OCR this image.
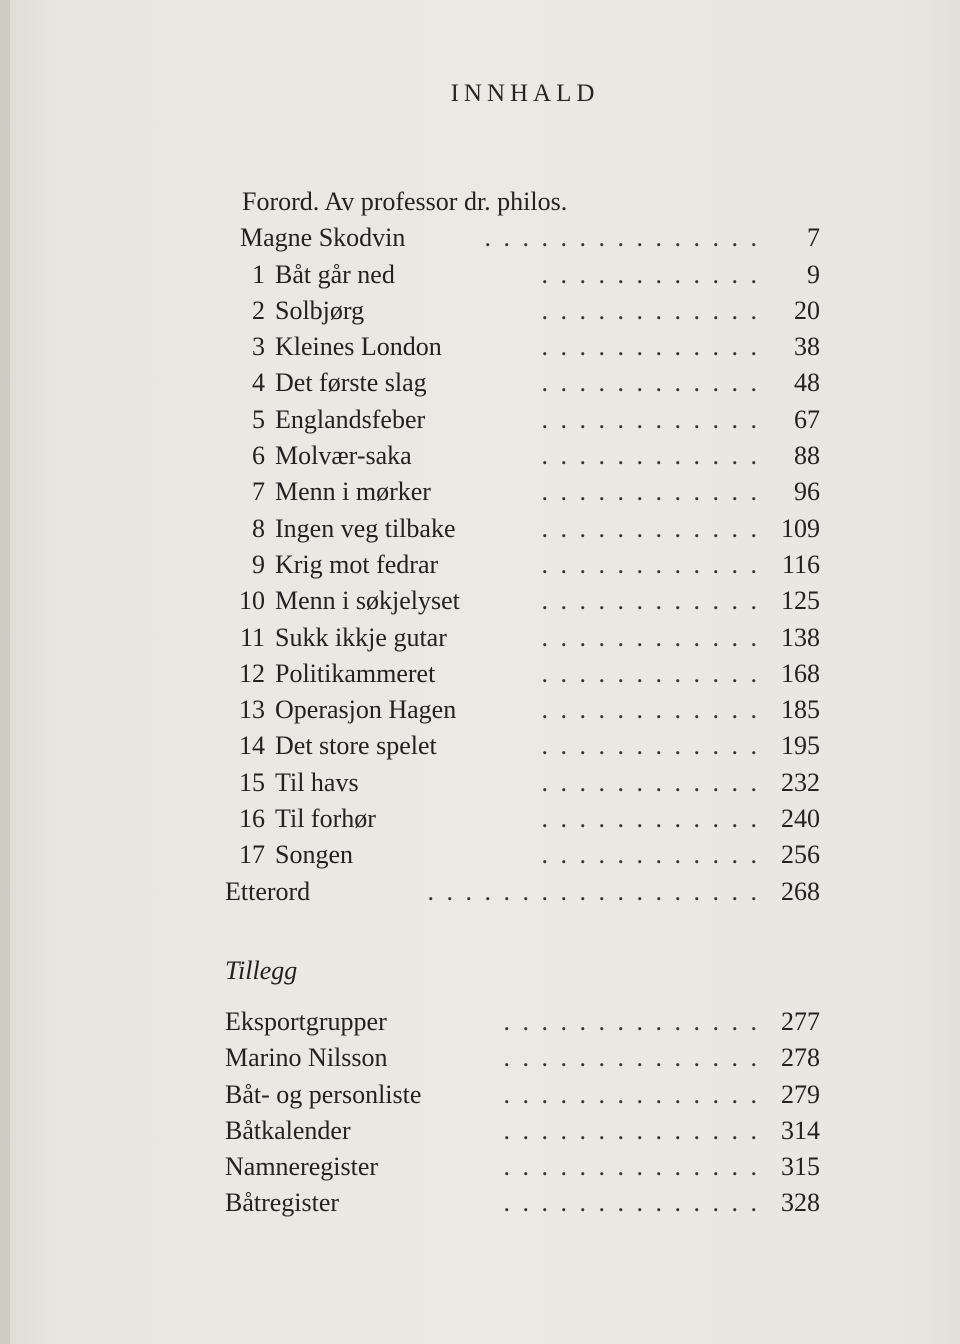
INNHALD
Forord. Av professor dr. philos.
Magne Skodvin	. . . . . . . . . . . . . . .	7
1 Båt går ned	. . . . . . . . . . . .	9
2 Solbjørg	. . . . . . . . . . . .	20
3 Kleines London	. . . . . . . . . . . .	38
4 Det første slag	. . . . . . . . . . . .	48
5 Englandsfeber	. . . . . . . . . . . .	67
6 Molvær-saka	. . . . . . . . . . . .	88
7 Menn i mørker	. . . . . . . . . . . .	96
8 Ingen veg tilbake	. . . . . . . . . . . . 109
9 Krig mot fedrar	. . . . . . . . . . . . 116
10 Menn i søkjelyset	. . . . . . . . . . . . 125
11 Sukk ikkje gutar	. . . . . . . . . . . . 138
12 Politikammeret	. . . . . . . . . . . . 168
13 Operasjon Hagen	. . . . . . . . . . . . 185
14 Det store spelet	. . . . . . . . . . . . 195
15 Til havs	. . . . . . . . . . . . 232
16 Til forhør	. . . . . . . . . . . . 240
17 Songen	. . . . . . . . . . . . 256
Etterord	. . . . . . . . . . . . . . . . . . 268
Tillegg
Eksportgrupper	. . . . . . . . . . . . . . 277
Marino Nilsson	. . . . . . . . . . . . . . 278
Båt- og personliste	. . . . . . . . . . . . . . 279
Båtkalender	. . . . . . . . . . . . . . 314
Namneregister	. . . . . . . . . . . . . . 315
Båtregister	. . . . . . . . . . . . . . 328
